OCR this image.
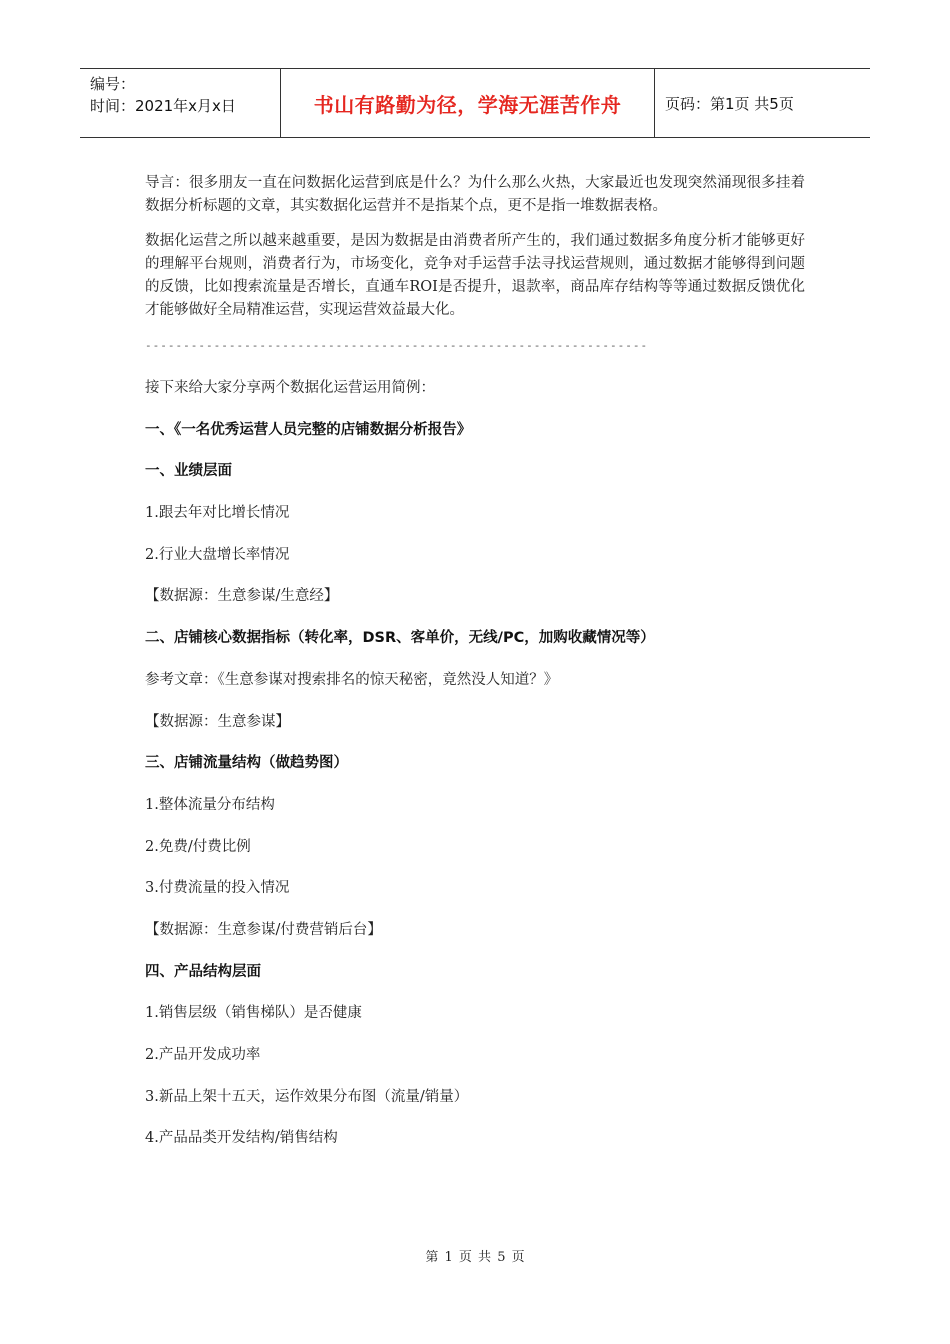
编号：
时间：2021年x月x日	书山有路勤为径，学海无涯苦作舟	页码：第1页 共5页

导言：很多朋友一直在问数据化运营到底是什么？为什么那么火热，大家最近也发现突然涌现很多挂着数据分析标题的文章，其实数据化运营并不是指某个点，更不是指一堆数据表格。

数据化运营之所以越来越重要，是因为数据是由消费者所产生的，我们通过数据多角度分析才能够更好的理解平台规则，消费者行为，市场变化，竞争对手运营手法寻找运营规则，通过数据才能够得到问题的反馈，比如搜索流量是否增长，直通车ROI是否提升，退款率，商品库存结构等等通过数据反馈优化才能够做好全局精准运营，实现运营效益最大化。

------------------------------------------------------------------

接下来给大家分享两个数据化运营运用简例：

一、《一名优秀运营人员完整的店铺数据分析报告》

一、业绩层面

1.跟去年对比增长情况

2.行业大盘增长率情况

【数据源：生意参谋/生意经】

二、店铺核心数据指标（转化率，DSR、客单价，无线/PC，加购收藏情况等）

参考文章：《生意参谋对搜索排名的惊天秘密，竟然没人知道？》

【数据源：生意参谋】

三、店铺流量结构（做趋势图）

1.整体流量分布结构

2.免费/付费比例

3.付费流量的投入情况

【数据源：生意参谋/付费营销后台】

四、产品结构层面

1.销售层级（销售梯队）是否健康

2.产品开发成功率

3.新品上架十五天，运作效果分布图（流量/销量）

4.产品品类开发结构/销售结构

第 1 页 共 5 页
